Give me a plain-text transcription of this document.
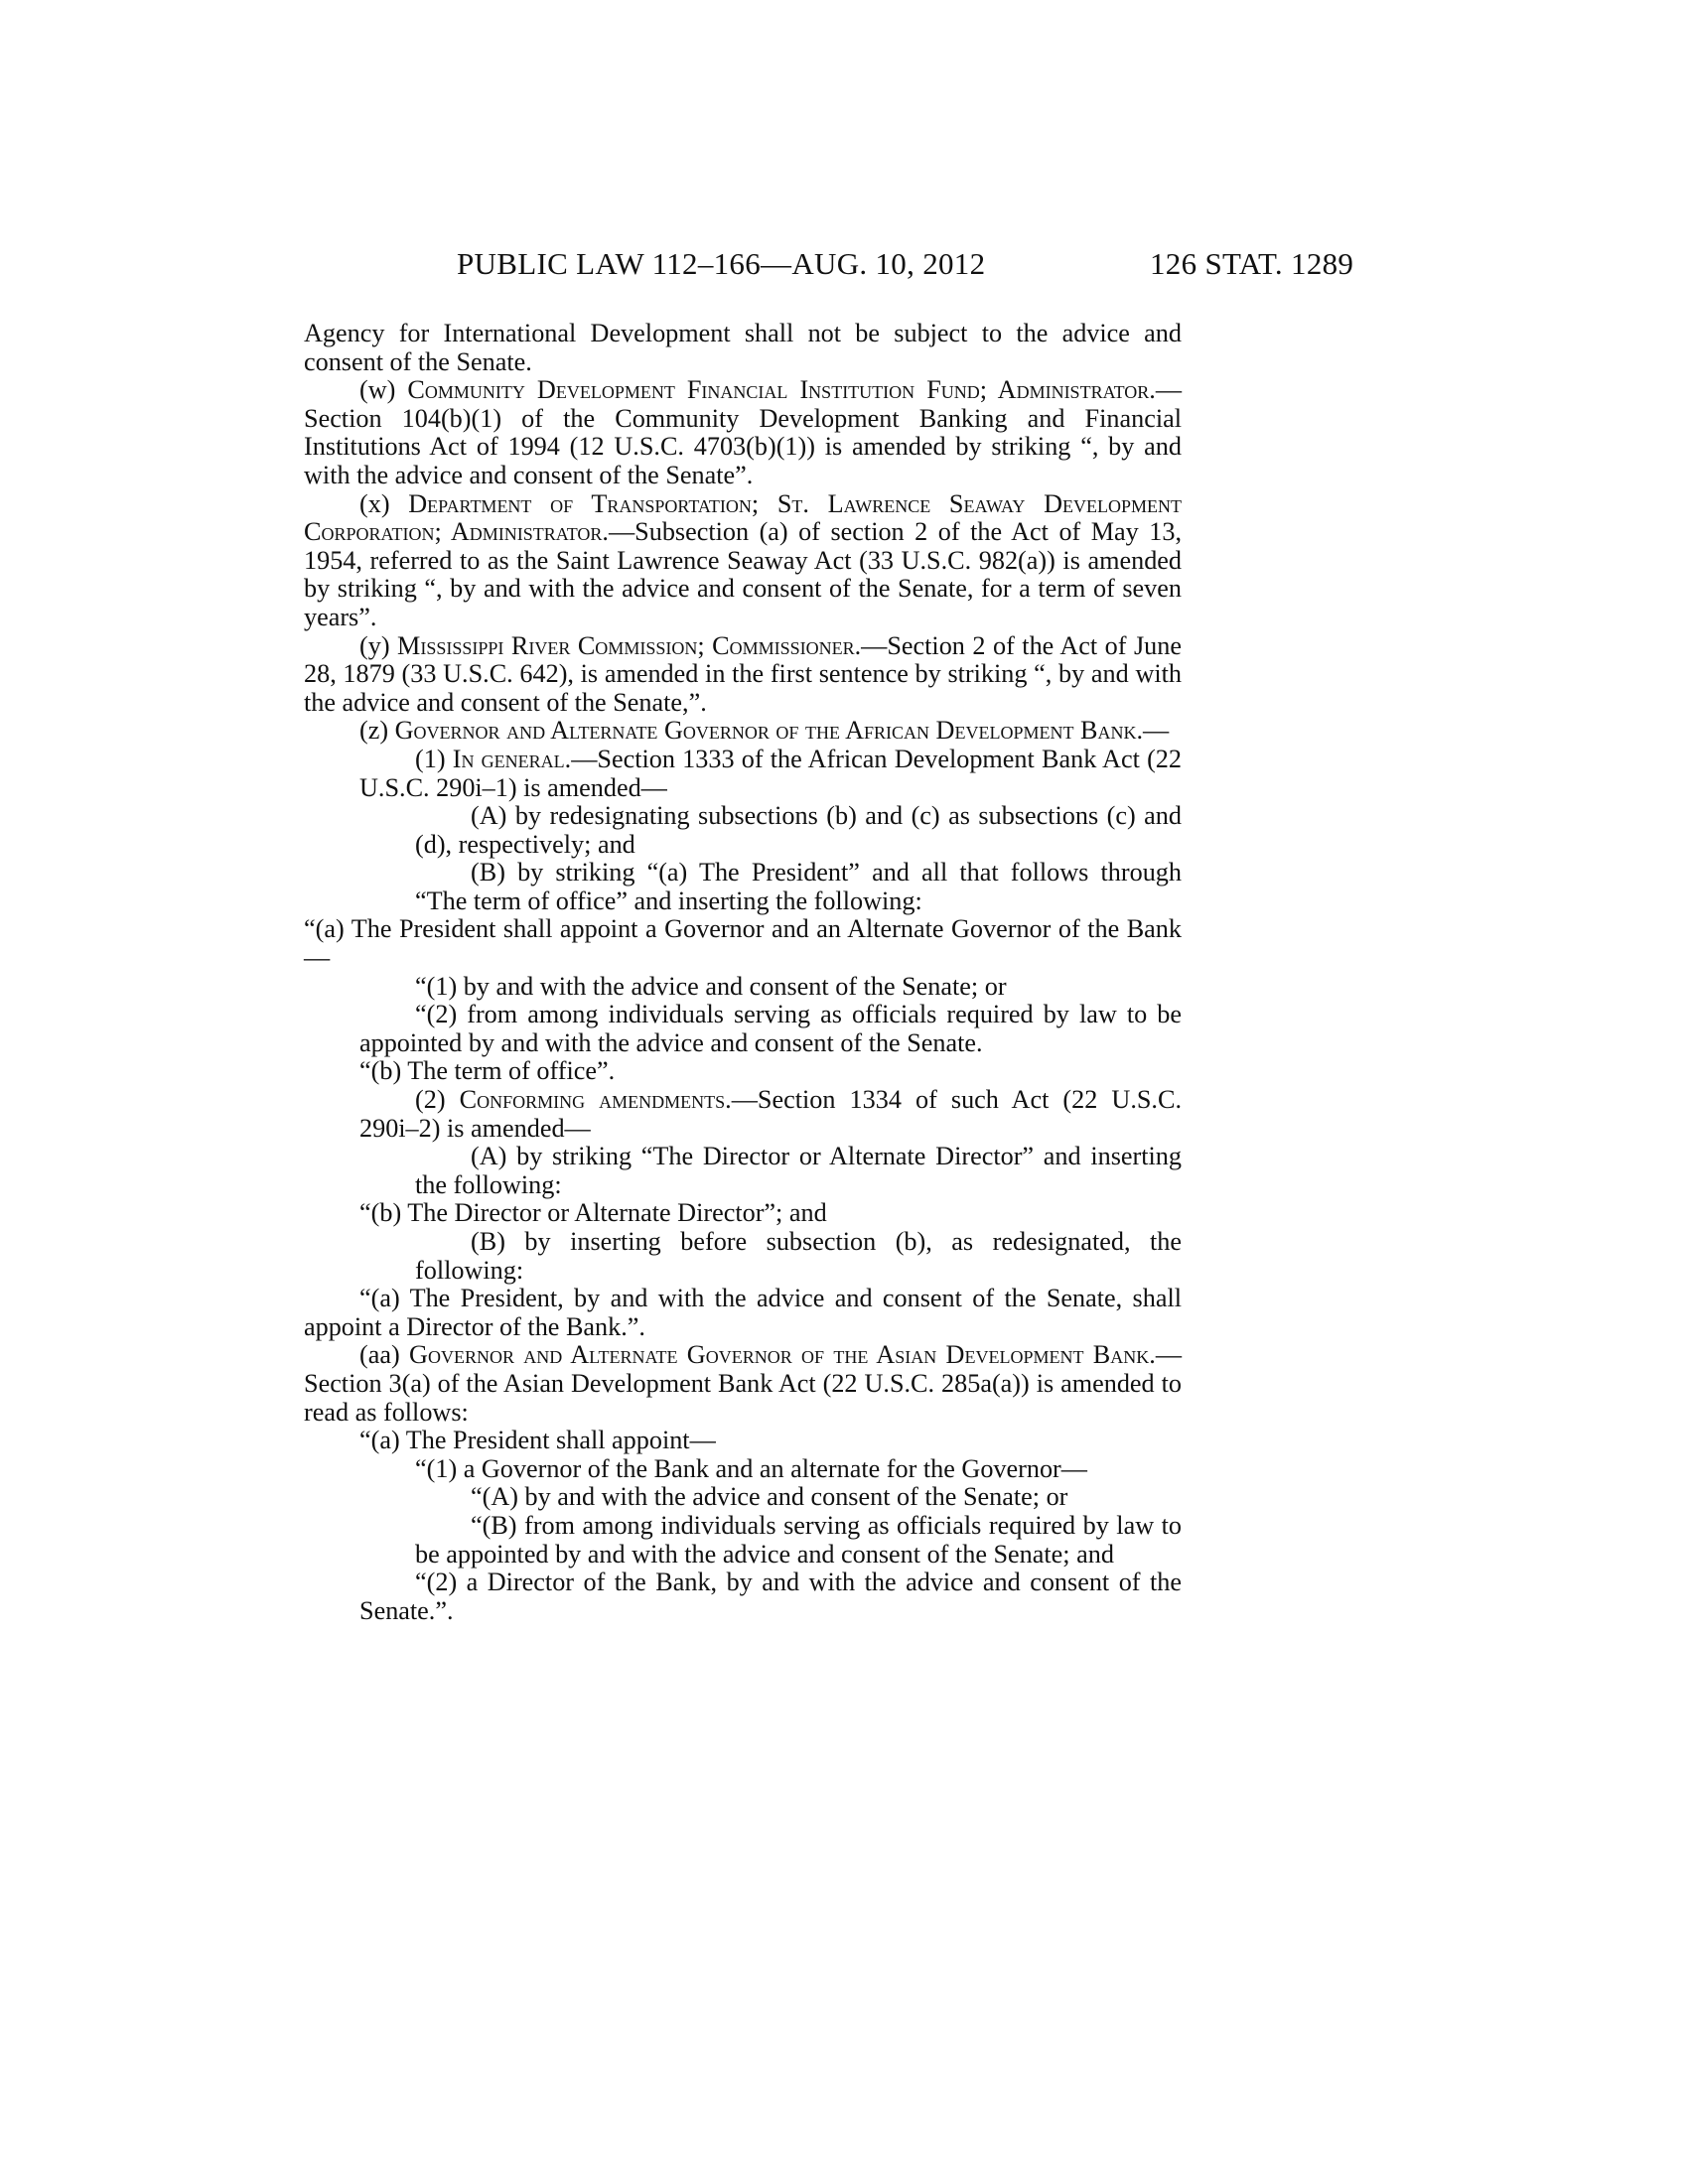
PUBLIC LAW 112–166—AUG. 10, 2012	126 STAT. 1289

Agency for International Development shall not be subject to the advice and consent of the Senate.

(w) Community Development Financial Institution Fund; Administrator.—Section 104(b)(1) of the Community Development Banking and Financial Institutions Act of 1994 (12 U.S.C. 4703(b)(1)) is amended by striking “, by and with the advice and consent of the Senate”.

(x) Department of Transportation; St. Lawrence Seaway Development Corporation; Administrator.—Subsection (a) of section 2 of the Act of May 13, 1954, referred to as the Saint Lawrence Seaway Act (33 U.S.C. 982(a)) is amended by striking “, by and with the advice and consent of the Senate, for a term of seven years”.

(y) Mississippi River Commission; Commissioner.—Section 2 of the Act of June 28, 1879 (33 U.S.C. 642), is amended in the first sentence by striking “, by and with the advice and consent of the Senate,”.

(z) Governor and Alternate Governor of the African Development Bank.—

(1) In general.—Section 1333 of the African Development Bank Act (22 U.S.C. 290i–1) is amended—

(A) by redesignating subsections (b) and (c) as subsections (c) and (d), respectively; and

(B) by striking “(a) The President” and all that follows through “The term of office” and inserting the following:

“(a) The President shall appoint a Governor and an Alternate Governor of the Bank—

“(1) by and with the advice and consent of the Senate; or

“(2) from among individuals serving as officials required by law to be appointed by and with the advice and consent of the Senate.

“(b) The term of office”.

(2) Conforming amendments.—Section 1334 of such Act (22 U.S.C. 290i–2) is amended—

(A) by striking “The Director or Alternate Director” and inserting the following:

“(b) The Director or Alternate Director”; and

(B) by inserting before subsection (b), as redesignated, the following:

“(a) The President, by and with the advice and consent of the Senate, shall appoint a Director of the Bank.”.

(aa) Governor and Alternate Governor of the Asian Development Bank.—Section 3(a) of the Asian Development Bank Act (22 U.S.C. 285a(a)) is amended to read as follows:

“(a) The President shall appoint—

“(1) a Governor of the Bank and an alternate for the Governor—

“(A) by and with the advice and consent of the Senate; or

“(B) from among individuals serving as officials required by law to be appointed by and with the advice and consent of the Senate; and

“(2) a Director of the Bank, by and with the advice and consent of the Senate.”.
